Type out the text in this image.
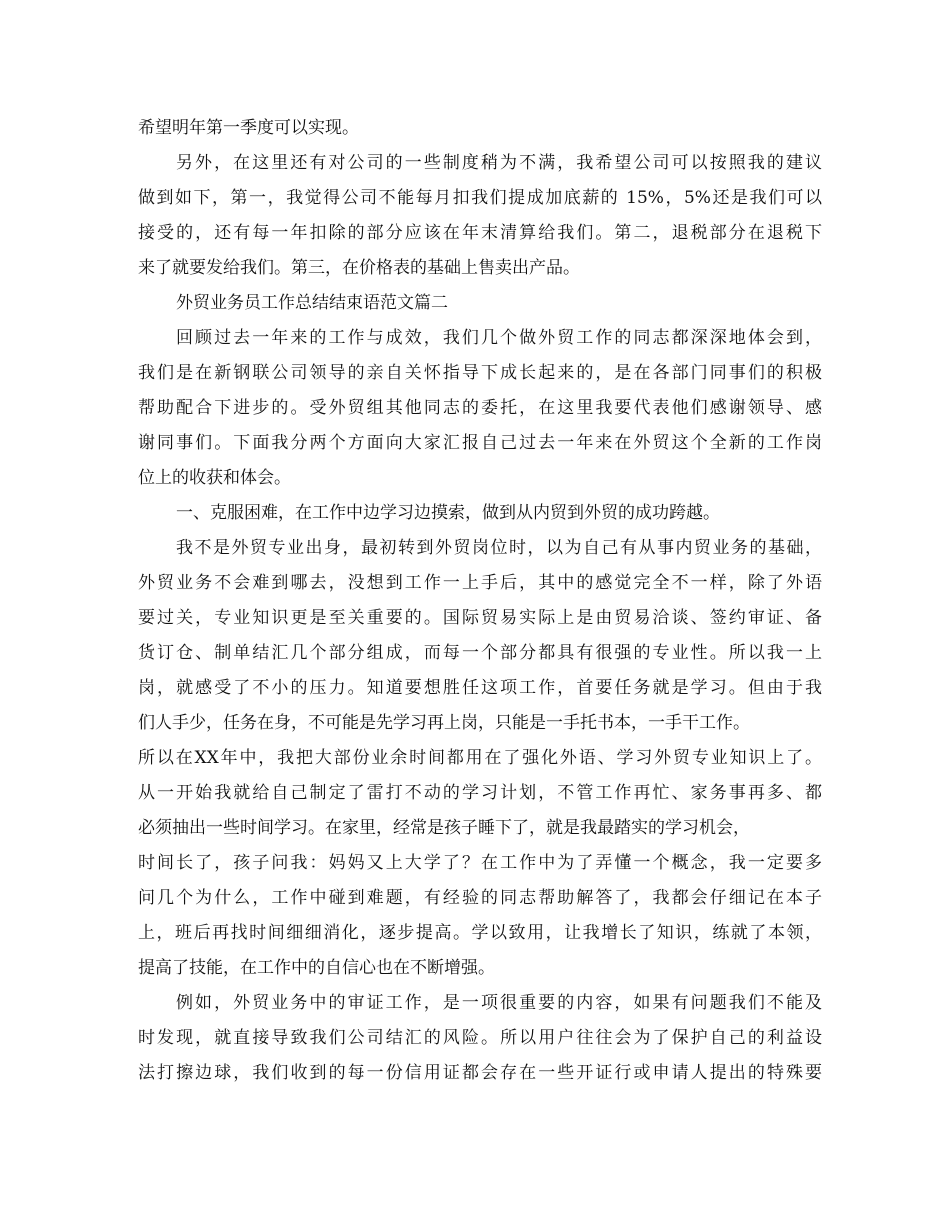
希望明年第一季度可以实现。
另外，在这里还有对公司的一些制度稍为不满，我希望公司可以按照我的建议
做到如下，第一，我觉得公司不能每月扣我们提成加底薪的 15%，5%还是我们可以
接受的，还有每一年扣除的部分应该在年末清算给我们。第二，退税部分在退税下
来了就要发给我们。第三，在价格表的基础上售卖出产品。
外贸业务员工作总结结束语范文篇二
回顾过去一年来的工作与成效，我们几个做外贸工作的同志都深深地体会到，
我们是在新钢联公司领导的亲自关怀指导下成长起来的，是在各部门同事们的积极
帮助配合下进步的。受外贸组其他同志的委托，在这里我要代表他们感谢领导、感
谢同事们。下面我分两个方面向大家汇报自己过去一年来在外贸这个全新的工作岗
位上的收获和体会。
一、克服困难，在工作中边学习边摸索，做到从内贸到外贸的成功跨越。
我不是外贸专业出身，最初转到外贸岗位时，以为自己有从事内贸业务的基础，
外贸业务不会难到哪去，没想到工作一上手后，其中的感觉完全不一样，除了外语
要过关，专业知识更是至关重要的。国际贸易实际上是由贸易洽谈、签约审证、备
货订仓、制单结汇几个部分组成，而每一个部分都具有很强的专业性。所以我一上
岗，就感受了不小的压力。知道要想胜任这项工作，首要任务就是学习。但由于我
们人手少，任务在身，不可能是先学习再上岗，只能是一手托书本，一手干工作。
所以在XX年中，我把大部份业余时间都用在了强化外语、学习外贸专业知识上了。
从一开始我就给自己制定了雷打不动的学习计划，不管工作再忙、家务事再多、都
必须抽出一些时间学习。在家里，经常是孩子睡下了，就是我最踏实的学习机会，
时间长了，孩子问我：妈妈又上大学了？在工作中为了弄懂一个概念，我一定要多
问几个为什么，工作中碰到难题，有经验的同志帮助解答了，我都会仔细记在本子
上，班后再找时间细细消化，逐步提高。学以致用，让我增长了知识，练就了本领，
提高了技能，在工作中的自信心也在不断增强。
例如，外贸业务中的审证工作，是一项很重要的内容，如果有问题我们不能及
时发现，就直接导致我们公司结汇的风险。所以用户往往会为了保护自己的利益设
法打擦边球，我们收到的每一份信用证都会存在一些开证行或申请人提出的特殊要
